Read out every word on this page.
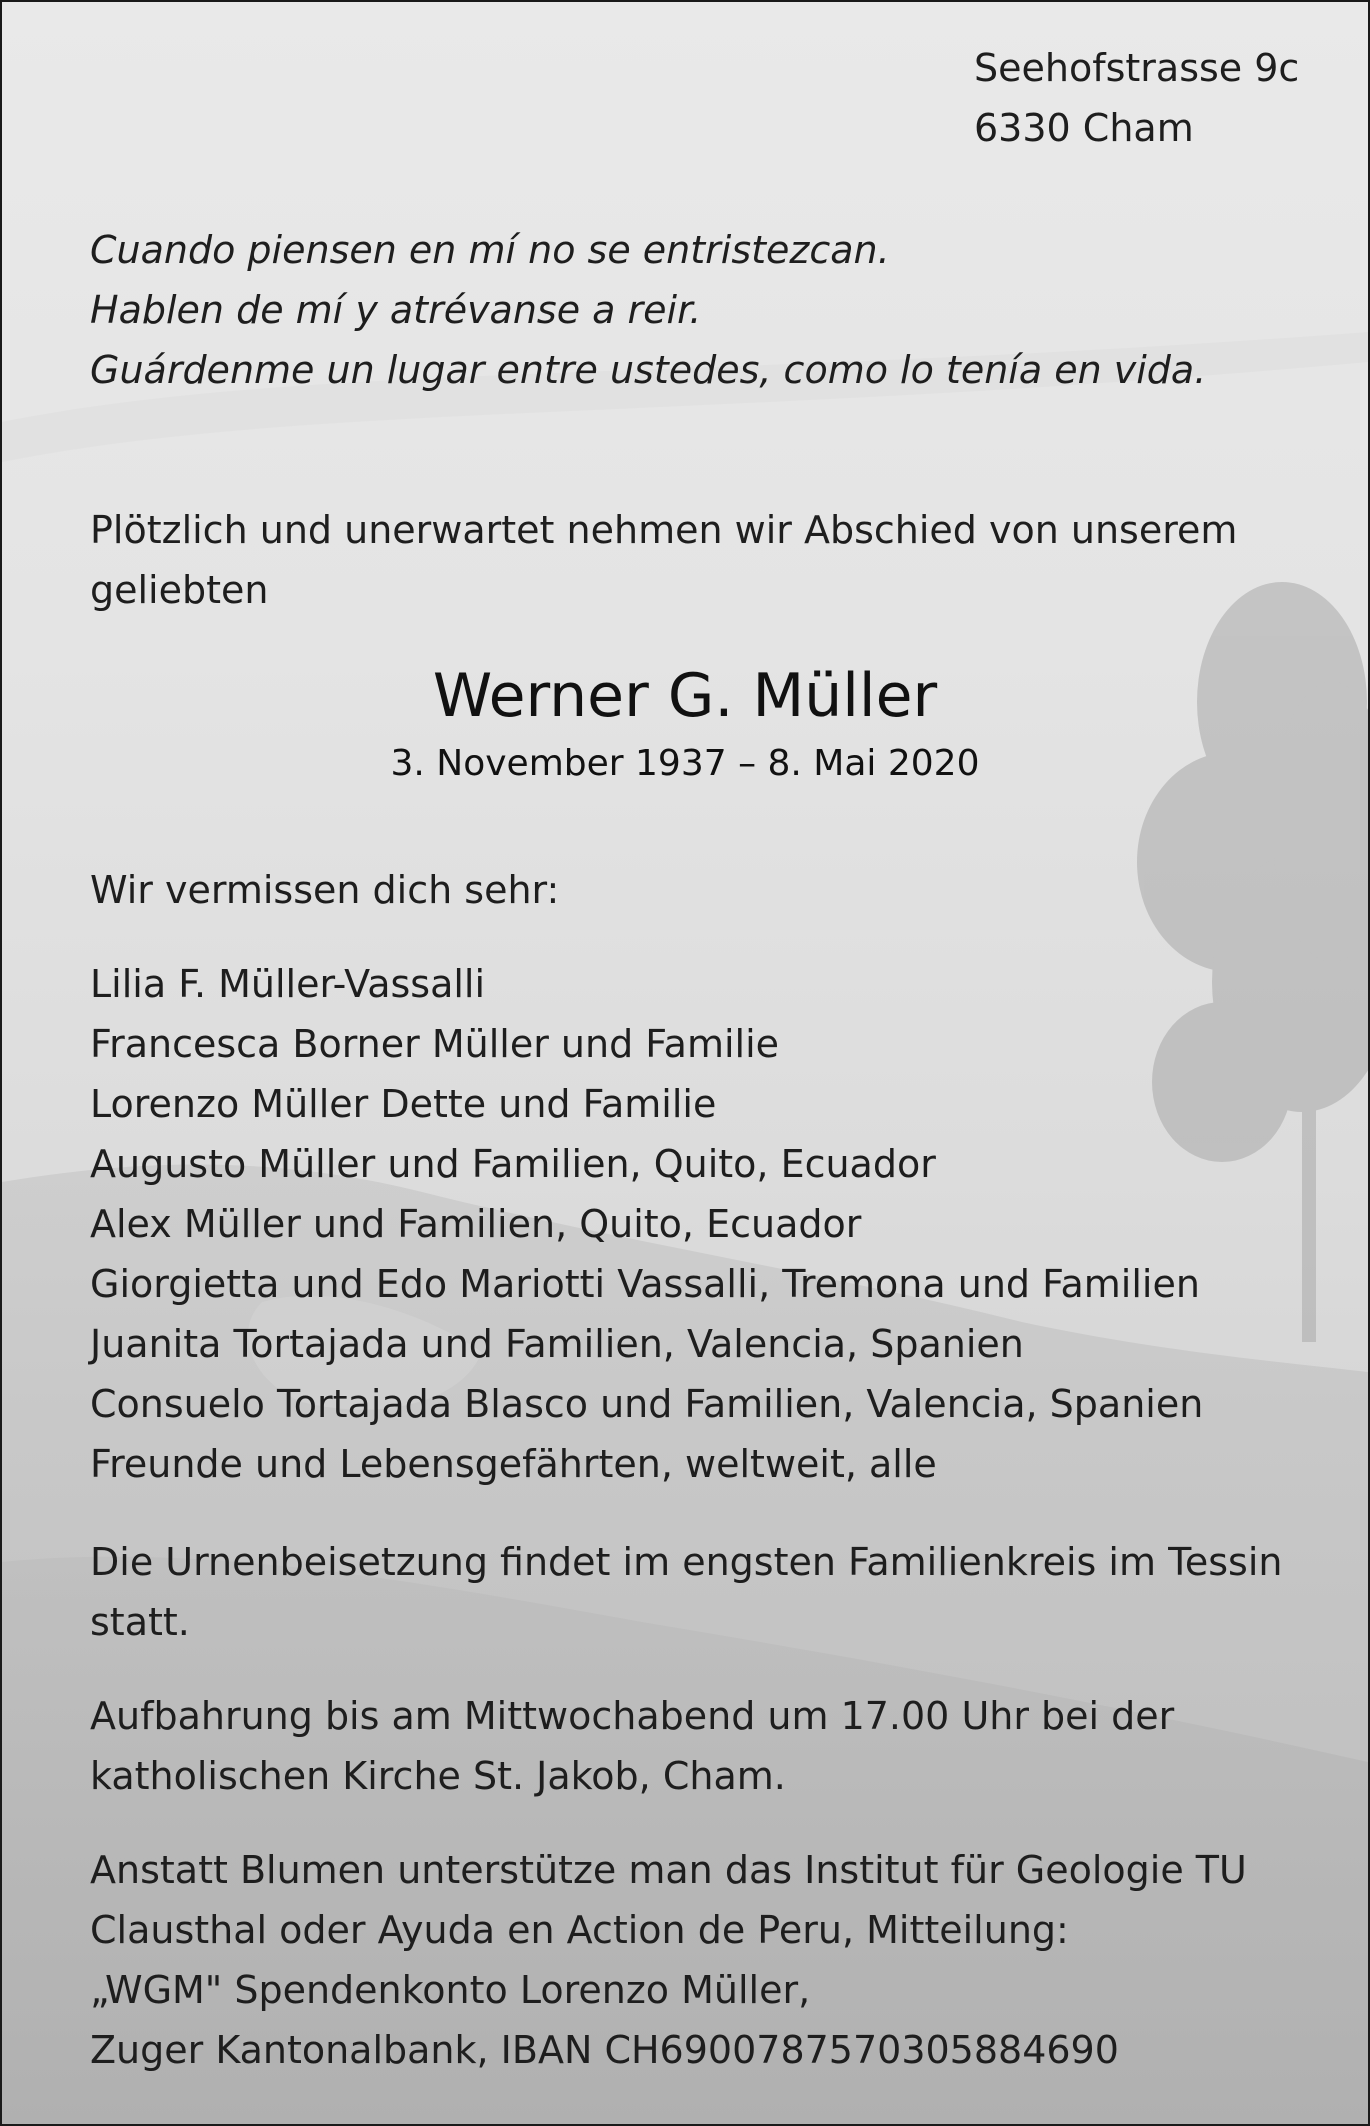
Seehofstrasse 9c
6330 Cham
Cuando piensen en mí no se entristezcan.
Hablen de mí y atrévanse a reir.
Guárdenme un lugar entre ustedes, como lo tenía en vida.
Plötzlich und unerwartet nehmen wir Abschied von unserem
geliebten
Werner G. Müller
3. November 1937 – 8. Mai 2020
Wir vermissen dich sehr:
Lilia F. Müller-Vassalli
Francesca Borner Müller und Familie
Lorenzo Müller Dette und Familie
Augusto Müller und Familien, Quito, Ecuador
Alex Müller und Familien, Quito, Ecuador
Giorgietta und Edo Mariotti Vassalli, Tremona und Familien
Juanita Tortajada und Familien, Valencia, Spanien
Consuelo Tortajada Blasco und Familien, Valencia, Spanien
Freunde und Lebensgefährten, weltweit, alle
Die Urnenbeisetzung findet im engsten Familienkreis im Tessin
statt.
Aufbahrung bis am Mittwochabend um 17.00 Uhr bei der
katholischen Kirche St. Jakob, Cham.
Anstatt Blumen unterstütze man das Institut für Geologie TU
Clausthal oder Ayuda en Action de Peru, Mitteilung:
„WGM" Spendenkonto Lorenzo Müller,
Zuger Kantonalbank, IBAN CH6900787570305884690
